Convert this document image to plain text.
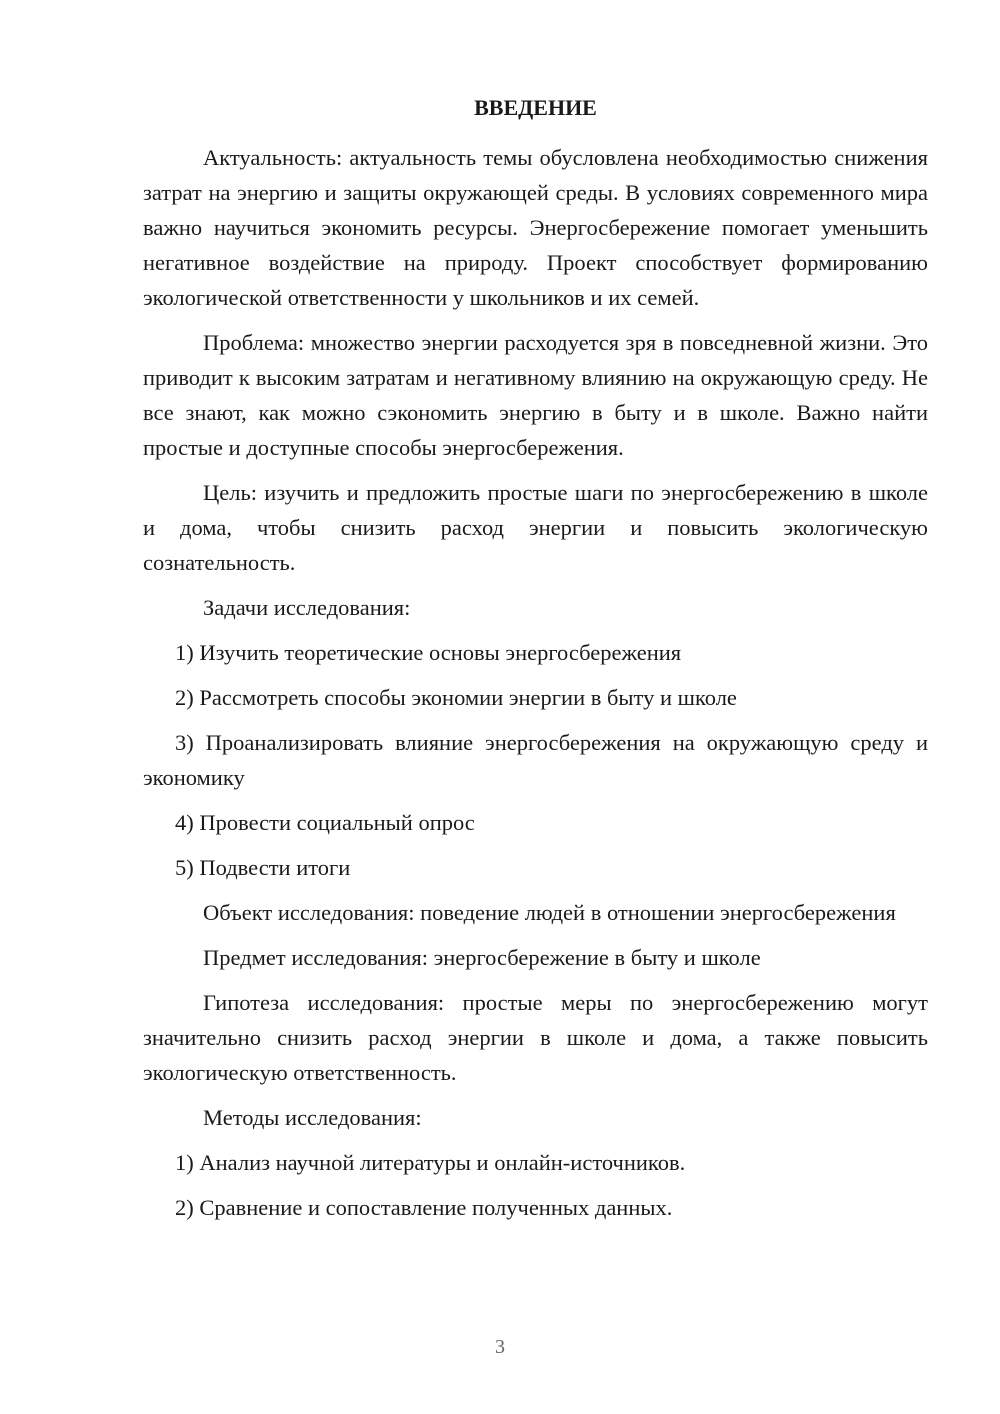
ВВЕДЕНИЕ

Актуальность: актуальность темы обусловлена необходимостью снижения затрат на энергию и защиты окружающей среды. В условиях современного мира важно научиться экономить ресурсы. Энергосбережение помогает уменьшить негативное воздействие на природу. Проект способствует формированию экологической ответственности у школьников и их семей.

Проблема: множество энергии расходуется зря в повседневной жизни. Это приводит к высоким затратам и негативному влиянию на окружающую среду. Не все знают, как можно сэкономить энергию в быту и в школе. Важно найти простые и доступные способы энергосбережения.

Цель: изучить и предложить простые шаги по энергосбережению в школе и дома, чтобы снизить расход энергии и повысить экологическую сознательность.

Задачи исследования:

1) Изучить теоретические основы энергосбережения

2) Рассмотреть способы экономии энергии в быту и школе

3) Проанализировать влияние энергосбережения на окружающую среду и экономику

4) Провести социальный опрос

5) Подвести итоги

Объект исследования: поведение людей в отношении энергосбережения

Предмет исследования: энергосбережение в быту и школе

Гипотеза исследования: простые меры по энергосбережению могут значительно снизить расход энергии в школе и дома, а также повысить экологическую ответственность.

Методы исследования:

1) Анализ научной литературы и онлайн-источников.

2) Сравнение и сопоставление полученных данных.

3
